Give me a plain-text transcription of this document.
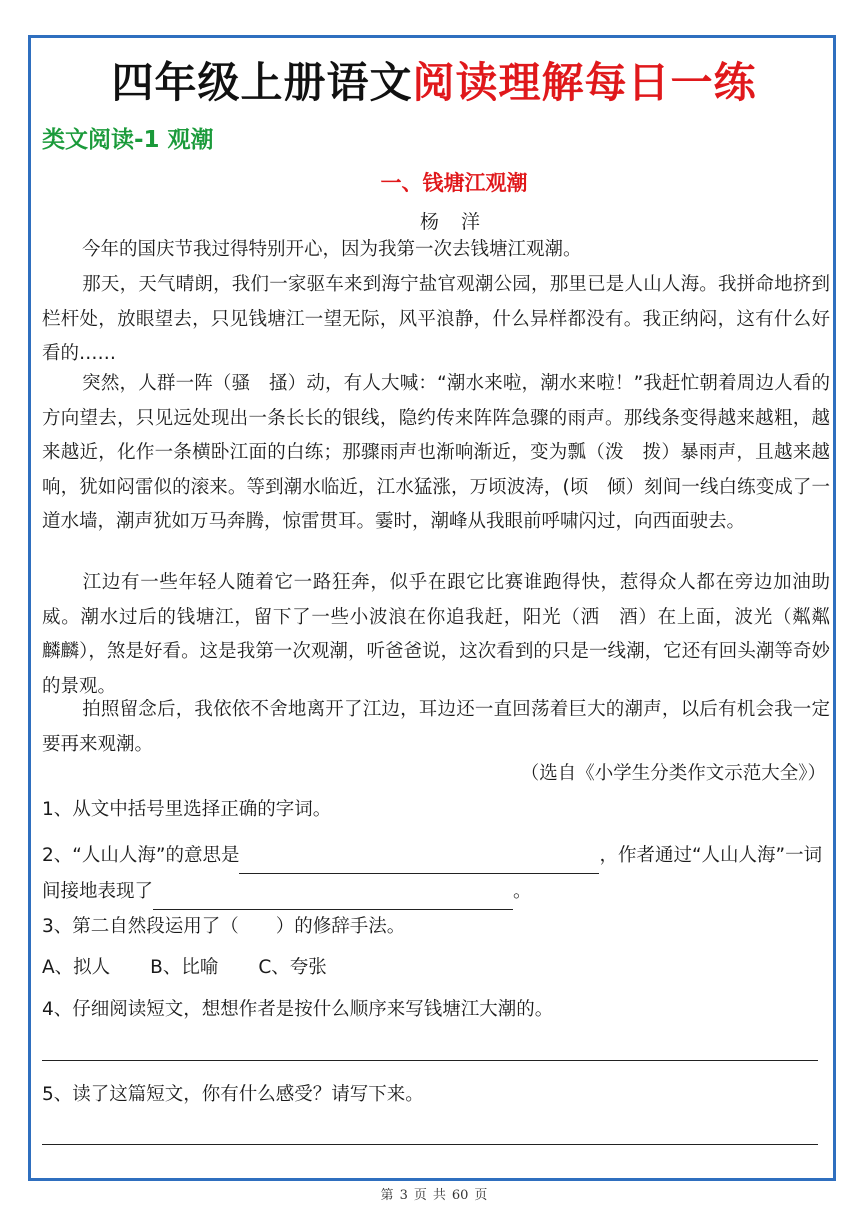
四年级上册语文阅读理解每日一练
类文阅读-1 观潮
一、钱塘江观潮
杨 洋
今年的国庆节我过得特别开心，因为我第一次去钱塘江观潮。
那天，天气晴朗，我们一家驱车来到海宁盐官观潮公园，那里已是人山人海。我拼命地挤到栏杆处，放眼望去，只见钱塘江一望无际，风平浪静，什么异样都没有。我正纳闷，这有什么好看的……
突然，人群一阵（骚　搔）动，有人大喊：“潮水来啦，潮水来啦！”我赶忙朝着周边人看的方向望去，只见远处现出一条长长的银线，隐约传来阵阵急骤的雨声。那线条变得越来越粗，越来越近，化作一条横卧江面的白练；那骤雨声也渐响渐近，变为瓢（泼　拨）暴雨声，且越来越响，犹如闷雷似的滚来。等到潮水临近，江水猛涨，万顷波涛，(顷　倾）刻间一线白练变成了一道水墙，潮声犹如万马奔腾，惊雷贯耳。霎时，潮峰从我眼前呼啸闪过，向西面驶去。
江边有一些年轻人随着它一路狂奔，似乎在跟它比赛谁跑得快，惹得众人都在旁边加油助威。潮水过后的钱塘江，留下了一些小波浪在你追我赶，阳光（洒　酒）在上面，波光（粼粼　麟麟），煞是好看。这是我第一次观潮，听爸爸说，这次看到的只是一线潮，它还有回头潮等奇妙的景观。
拍照留念后，我依依不舍地离开了江边，耳边还一直回荡着巨大的潮声，以后有机会我一定要再来观潮。
（选自《小学生分类作文示范大全》）
1、从文中括号里选择正确的字词。
2、“人山人海”的意思是	，作者通过“人山人海”一词间接地表现了	。
3、第二自然段运用了（　　）的修辞手法。
A、拟人 B、比喻 C、夸张
4、仔细阅读短文，想想作者是按什么顺序来写钱塘江大潮的。
5、读了这篇短文，你有什么感受？请写下来。
第 3 页 共 60 页
